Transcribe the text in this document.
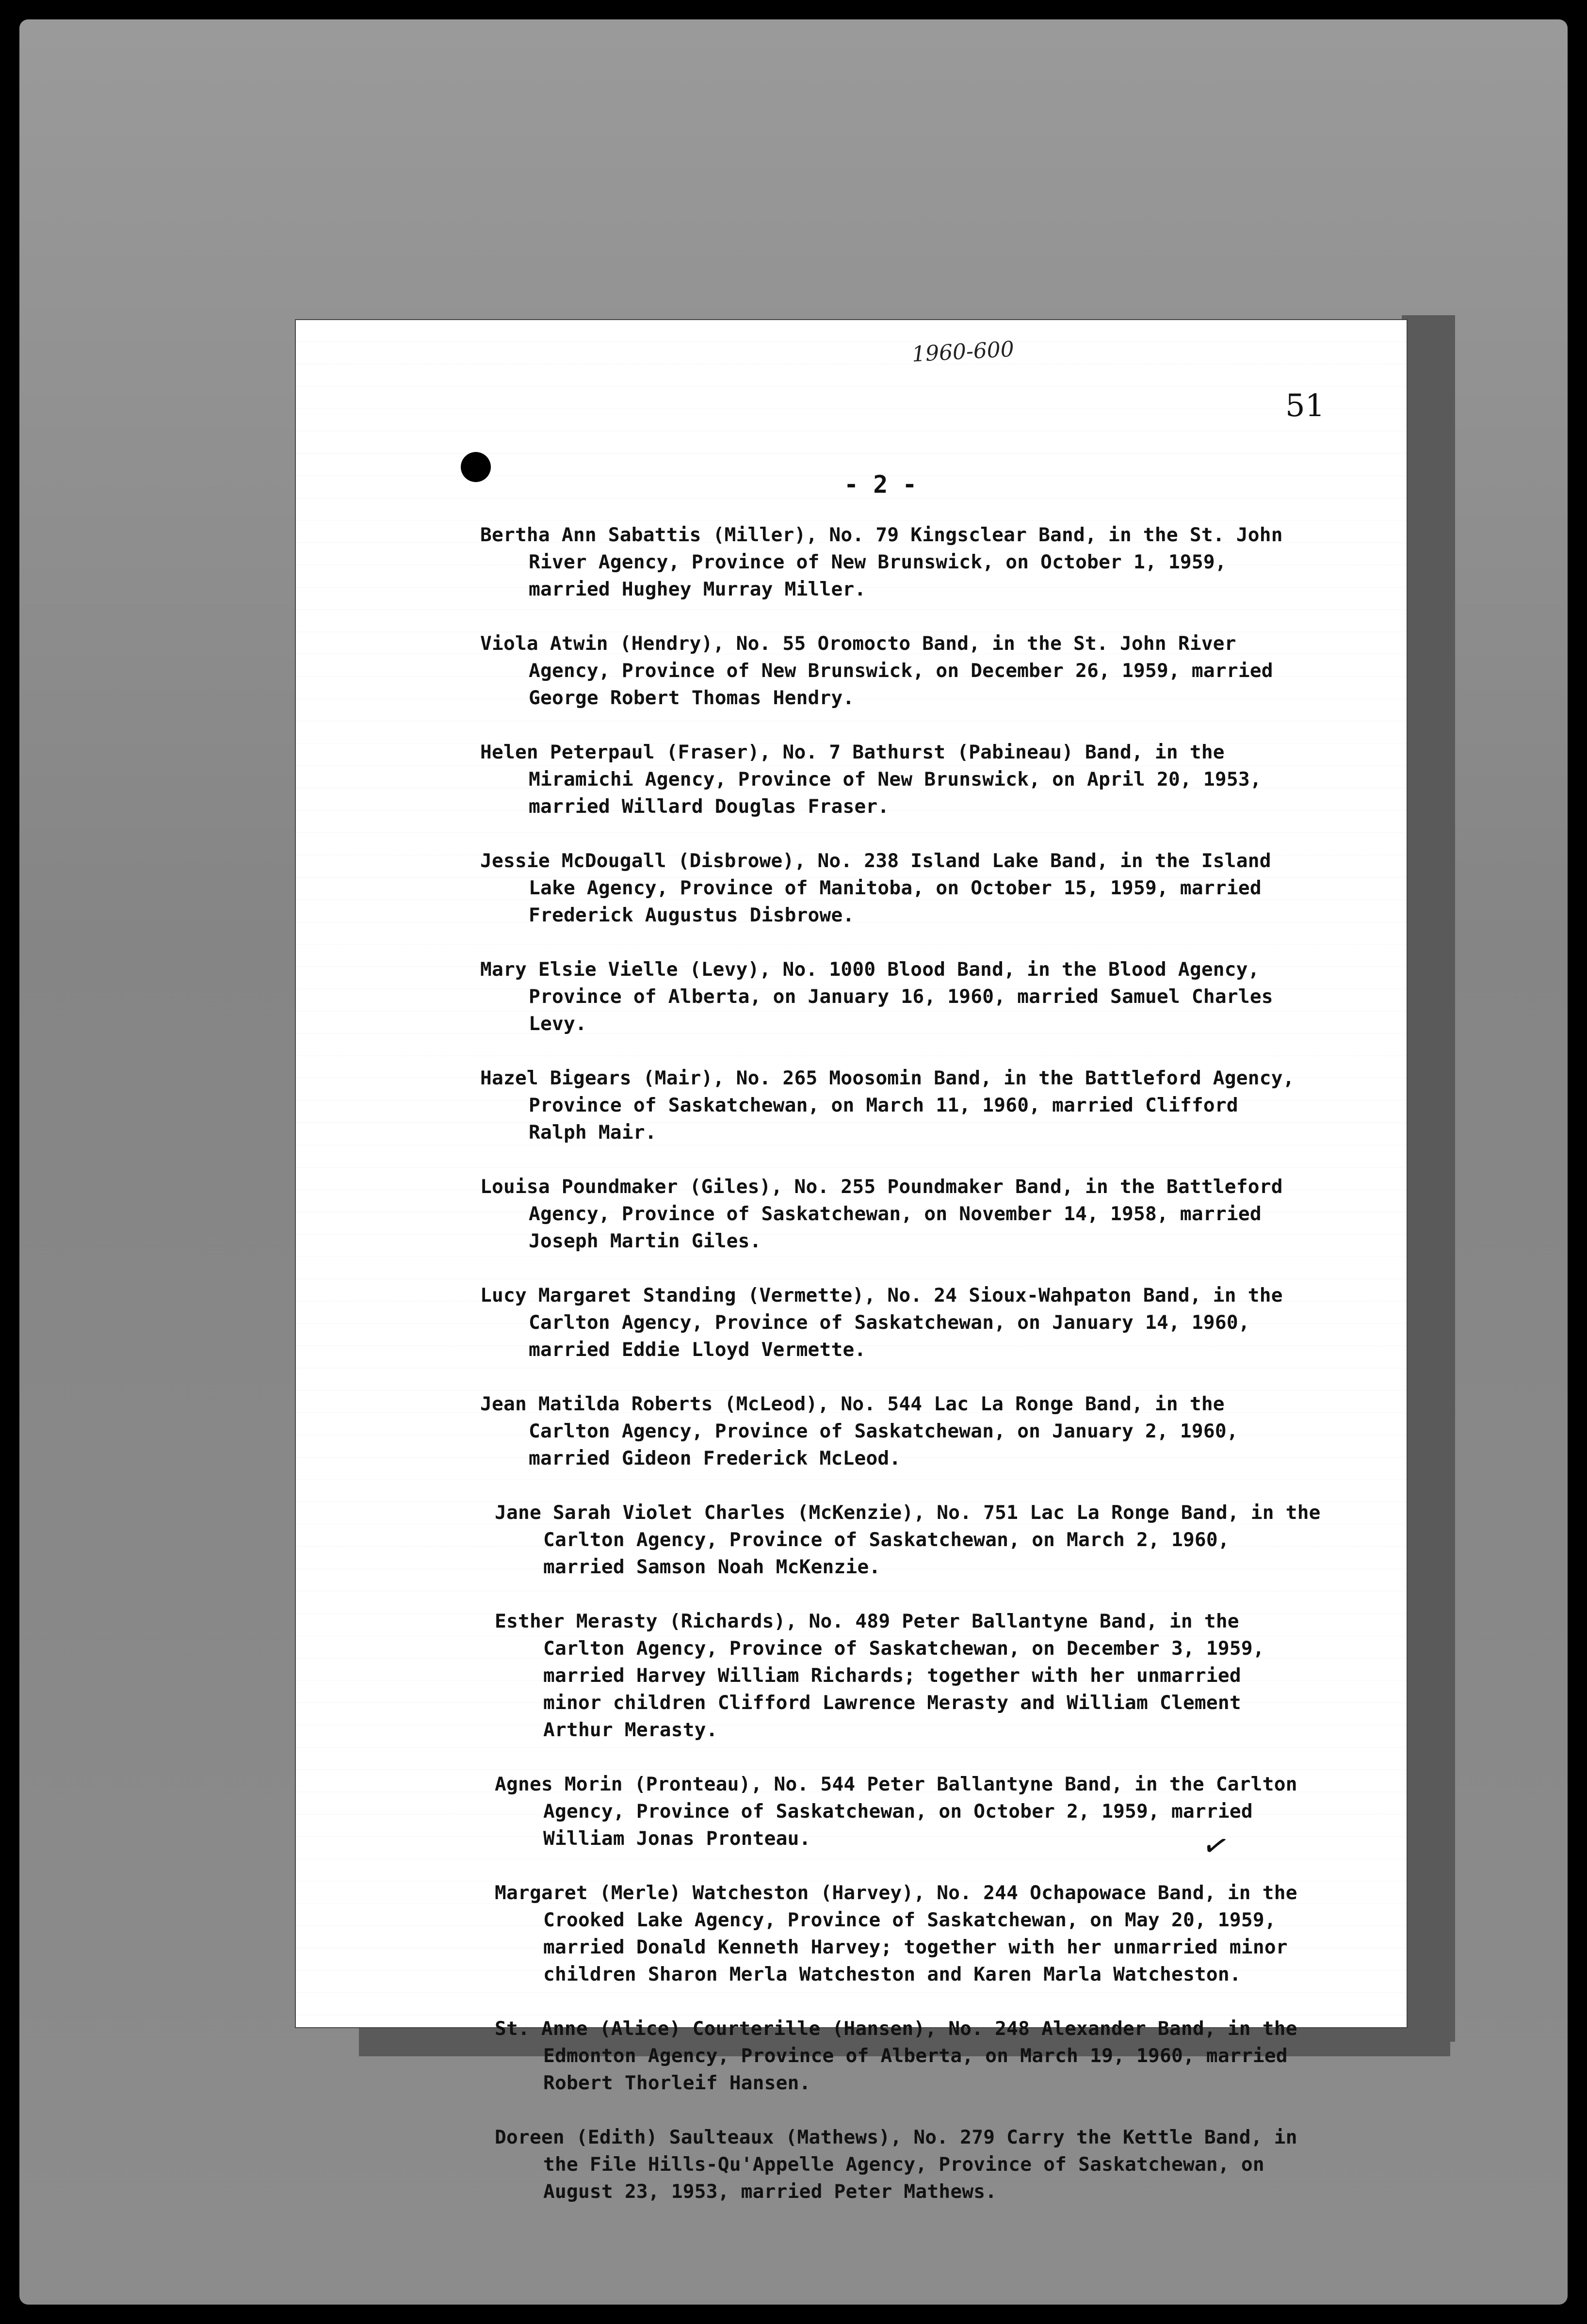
1960-600
51
- 2 -

Bertha Ann Sabattis (Miller), No. 79 Kingsclear Band, in the St. John
River Agency, Province of New Brunswick, on October 1, 1959,
married Hughey Murray Miller.

Viola Atwin (Hendry), No. 55 Oromocto Band, in the St. John River
Agency, Province of New Brunswick, on December 26, 1959, married
George Robert Thomas Hendry.

Helen Peterpaul (Fraser), No. 7 Bathurst (Pabineau) Band, in the
Miramichi Agency, Province of New Brunswick, on April 20, 1953,
married Willard Douglas Fraser.

Jessie McDougall (Disbrowe), No. 238 Island Lake Band, in the Island
Lake Agency, Province of Manitoba, on October 15, 1959, married
Frederick Augustus Disbrowe.

Mary Elsie Vielle (Levy), No. 1000 Blood Band, in the Blood Agency,
Province of Alberta, on January 16, 1960, married Samuel Charles
Levy.

Hazel Bigears (Mair), No. 265 Moosomin Band, in the Battleford Agency,
Province of Saskatchewan, on March 11, 1960, married Clifford
Ralph Mair.

Louisa Poundmaker (Giles), No. 255 Poundmaker Band, in the Battleford
Agency, Province of Saskatchewan, on November 14, 1958, married
Joseph Martin Giles.

Lucy Margaret Standing (Vermette), No. 24 Sioux-Wahpaton Band, in the
Carlton Agency, Province of Saskatchewan, on January 14, 1960,
married Eddie Lloyd Vermette.

Jean Matilda Roberts (McLeod), No. 544 Lac La Ronge Band, in the
Carlton Agency, Province of Saskatchewan, on January 2, 1960,
married Gideon Frederick McLeod.

Jane Sarah Violet Charles (McKenzie), No. 751 Lac La Ronge Band, in the
Carlton Agency, Province of Saskatchewan, on March 2, 1960,
married Samson Noah McKenzie.

Esther Merasty (Richards), No. 489 Peter Ballantyne Band, in the
Carlton Agency, Province of Saskatchewan, on December 3, 1959,
married Harvey William Richards; together with her unmarried
minor children Clifford Lawrence Merasty and William Clement
Arthur Merasty.

Agnes Morin (Pronteau), No. 544 Peter Ballantyne Band, in the Carlton
Agency, Province of Saskatchewan, on October 2, 1959, married
William Jonas Pronteau.

Margaret (Merle) Watcheston (Harvey), No. 244 Ochapowace Band, in the
Crooked Lake Agency, Province of Saskatchewan, on May 20, 1959,
married Donald Kenneth Harvey; together with her unmarried minor
children Sharon Merla Watcheston and Karen Marla Watcheston.

St. Anne (Alice) Courterille (Hansen), No. 248 Alexander Band, in the
Edmonton Agency, Province of Alberta, on March 19, 1960, married
Robert Thorleif Hansen.

Doreen (Edith) Saulteaux (Mathews), No. 279 Carry the Kettle Band, in
the File Hills-Qu'Appelle Agency, Province of Saskatchewan, on
August 23, 1953, married Peter Mathews.

✓
